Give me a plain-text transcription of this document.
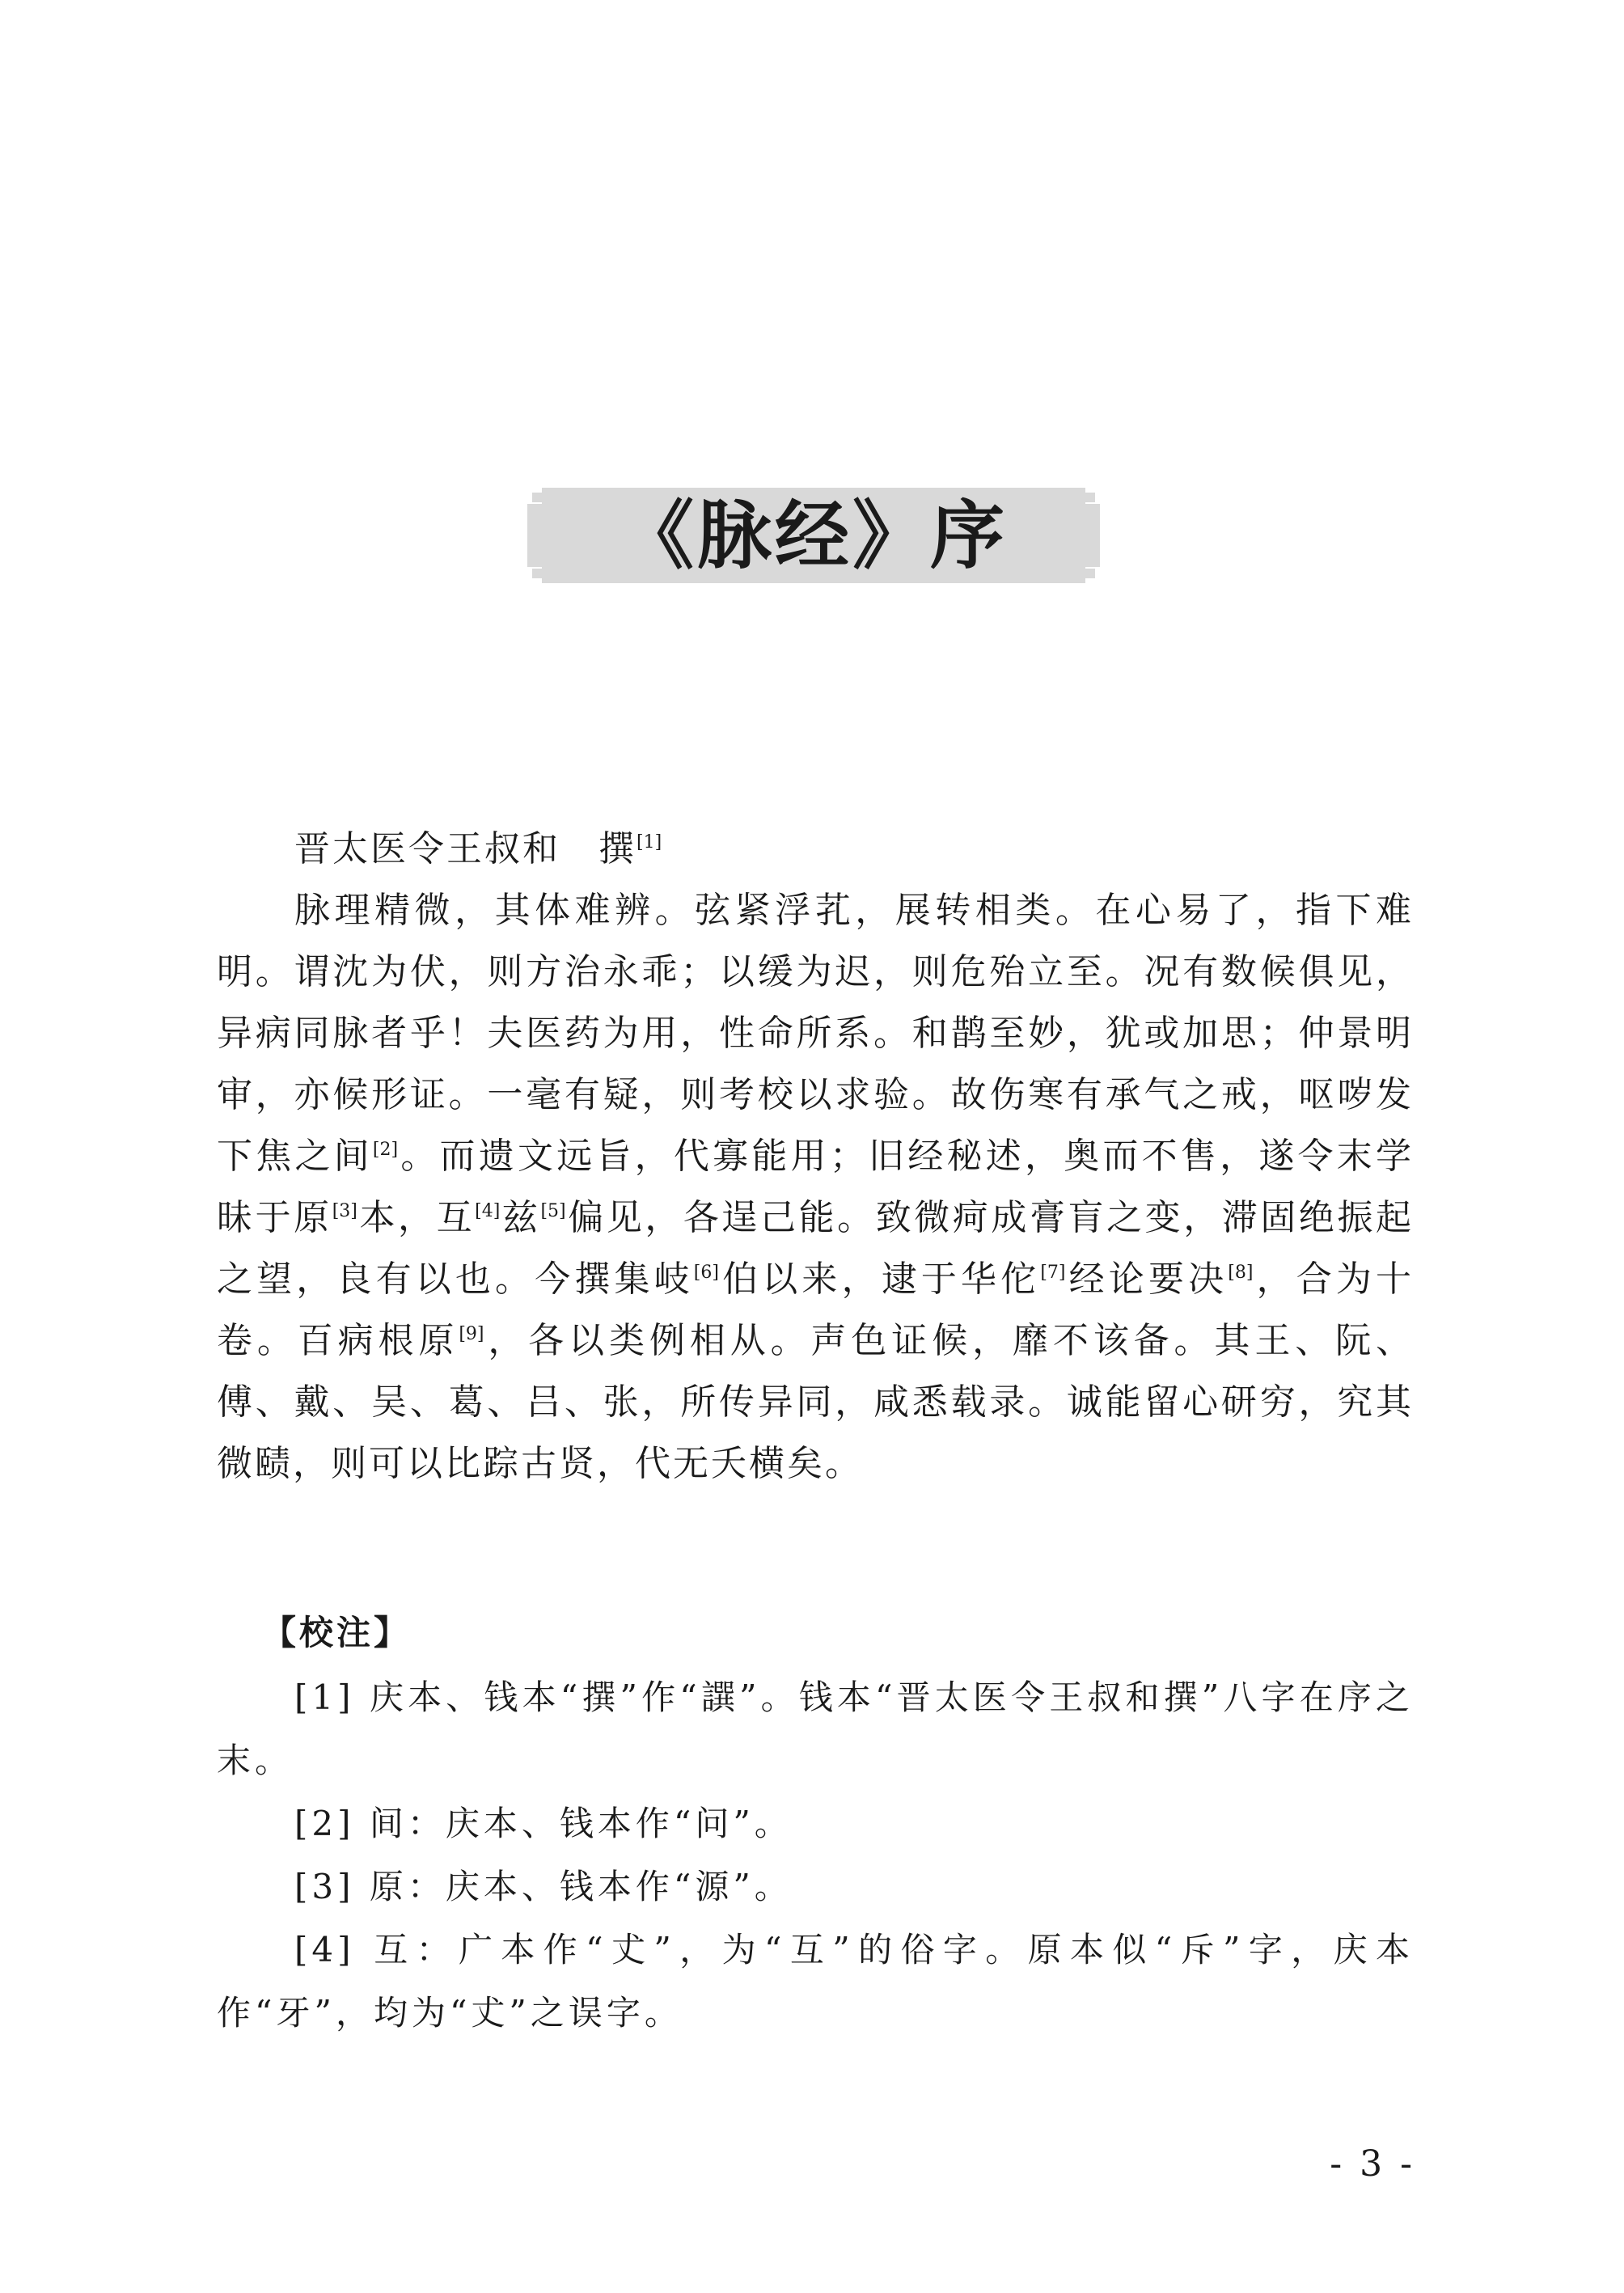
《脉经》序

晋太医令王叔和　撰[1]

脉理精微，其体难辨。弦紧浮芤，展转相类。在心易了，指下难明。谓沈为伏，则方治永乖；以缓为迟，则危殆立至。况有数候俱见，异病同脉者乎！夫医药为用，性命所系。和鹊至妙，犹或加思；仲景明审，亦候形证。一毫有疑，则考校以求验。故伤寒有承气之戒，呕哕发下焦之间[2]。而遗文远旨，代寡能用；旧经秘述，奥而不售，遂令末学昧于原[3]本，互[4]兹[5]偏见，各逞己能。致微疴成膏肓之变，滞固绝振起之望，良有以也。今撰集岐[6]伯以来，逮于华佗[7]经论要决[8]，合为十卷。百病根原[9]，各以类例相从。声色证候，靡不该备。其王、阮、傅、戴、吴、葛、吕、张，所传异同，咸悉载录。诚能留心研穷，究其微赜，则可以比踪古贤，代无夭横矣。

【校注】

[1] 庆本、钱本“撰”作“譔”。钱本“晋太医令王叔和撰”八字在序之末。

[2] 间：庆本、钱本作“问”。

[3] 原：庆本、钱本作“源”。

[4] 互：广本作“𠀋”，为“互”的俗字。原本似“斥”字，庆本作“牙”，均为“𠀋”之误字。

- 3 -
